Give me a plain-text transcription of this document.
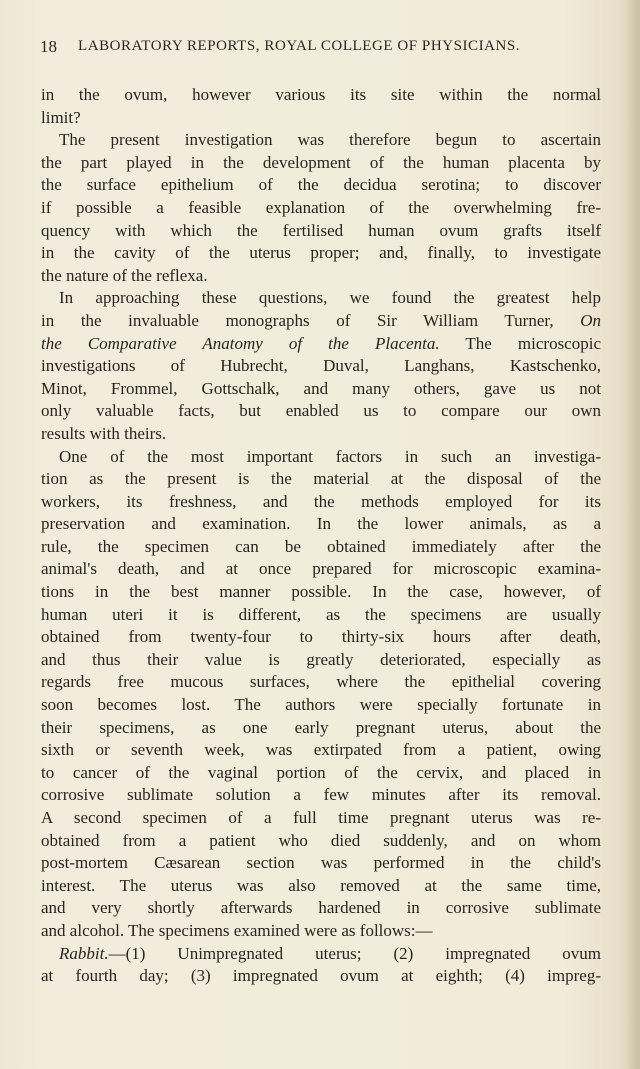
18 LABORATORY REPORTS, ROYAL COLLEGE OF PHYSICIANS.
in the ovum, however various its site within the normal
limit?
The present investigation was therefore begun to ascertain
the part played in the development of the human placenta by
the surface epithelium of the decidua serotina; to discover
if possible a feasible explanation of the overwhelming fre-
quency with which the fertilised human ovum grafts itself
in the cavity of the uterus proper; and, finally, to investigate
the nature of the reflexa.
In approaching these questions, we found the greatest help
in the invaluable monographs of Sir William Turner, On
the Comparative Anatomy of the Placenta. The microscopic
investigations of Hubrecht, Duval, Langhans, Kastschenko,
Minot, Frommel, Gottschalk, and many others, gave us not
only valuable facts, but enabled us to compare our own
results with theirs.
One of the most important factors in such an investiga-
tion as the present is the material at the disposal of the
workers, its freshness, and the methods employed for its
preservation and examination. In the lower animals, as a
rule, the specimen can be obtained immediately after the
animal's death, and at once prepared for microscopic examina-
tions in the best manner possible. In the case, however, of
human uteri it is different, as the specimens are usually
obtained from twenty-four to thirty-six hours after death,
and thus their value is greatly deteriorated, especially as
regards free mucous surfaces, where the epithelial covering
soon becomes lost. The authors were specially fortunate in
their specimens, as one early pregnant uterus, about the
sixth or seventh week, was extirpated from a patient, owing
to cancer of the vaginal portion of the cervix, and placed in
corrosive sublimate solution a few minutes after its removal.
A second specimen of a full time pregnant uterus was re-
obtained from a patient who died suddenly, and on whom
post-mortem Cæsarean section was performed in the child's
interest. The uterus was also removed at the same time,
and very shortly afterwards hardened in corrosive sublimate
and alcohol. The specimens examined were as follows:—
Rabbit.—(1) Unimpregnated uterus; (2) impregnated ovum
at fourth day; (3) impregnated ovum at eighth; (4) impreg-
